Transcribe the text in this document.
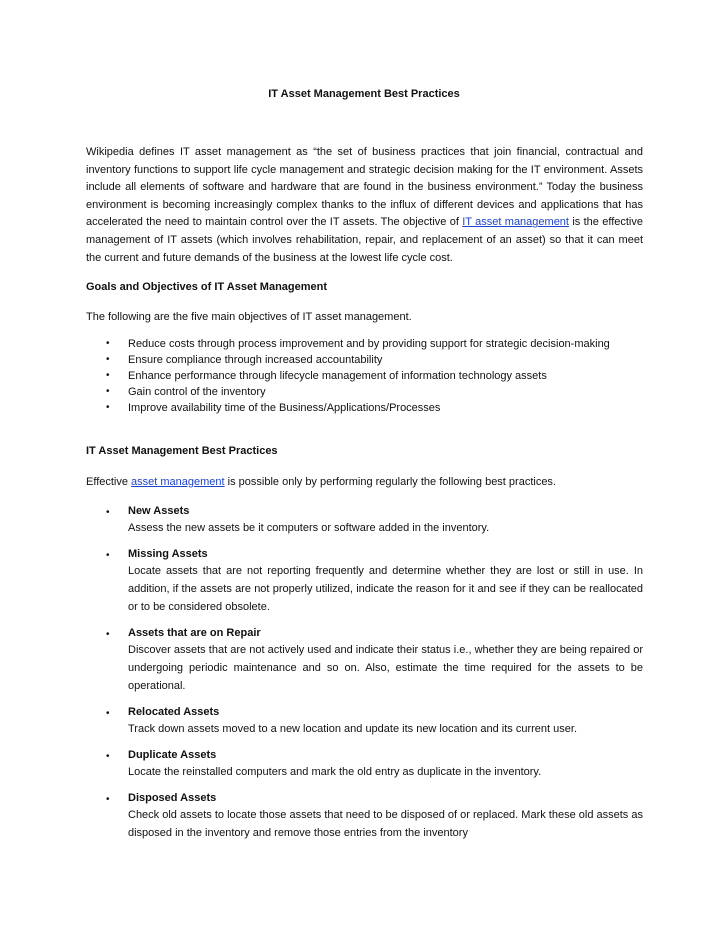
IT Asset Management Best Practices

Wikipedia defines IT asset management as “the set of business practices that join financial, contractual and inventory functions to support life cycle management and strategic decision making for the IT environment. Assets include all elements of software and hardware that are found in the business environment.” Today the business environment is becoming increasingly complex thanks to the influx of different devices and applications that has accelerated the need to maintain control over the IT assets. The objective of IT asset management is the effective management of IT assets (which involves rehabilitation, repair, and replacement of an asset) so that it can meet the current and future demands of the business at the lowest life cycle cost.

Goals and Objectives of IT Asset Management

The following are the five main objectives of IT asset management.

• Reduce costs through process improvement and by providing support for strategic decision-making
• Ensure compliance through increased accountability
• Enhance performance through lifecycle management of information technology assets
• Gain control of the inventory
• Improve availability time of the Business/Applications/Processes

IT Asset Management Best Practices

Effective asset management is possible only by performing regularly the following best practices.

• New Assets
Assess the new assets be it computers or software added in the inventory.
• Missing Assets
Locate assets that are not reporting frequently and determine whether they are lost or still in use. In addition, if the assets are not properly utilized, indicate the reason for it and see if they can be reallocated or to be considered obsolete.
• Assets that are on Repair
Discover assets that are not actively used and indicate their status i.e., whether they are being repaired or undergoing periodic maintenance and so on. Also, estimate the time required for the assets to be operational.
• Relocated Assets
Track down assets moved to a new location and update its new location and its current user.
• Duplicate Assets
Locate the reinstalled computers and mark the old entry as duplicate in the inventory.
• Disposed Assets
Check old assets to locate those assets that need to be disposed of or replaced. Mark these old assets as disposed in the inventory and remove those entries from the inventory
